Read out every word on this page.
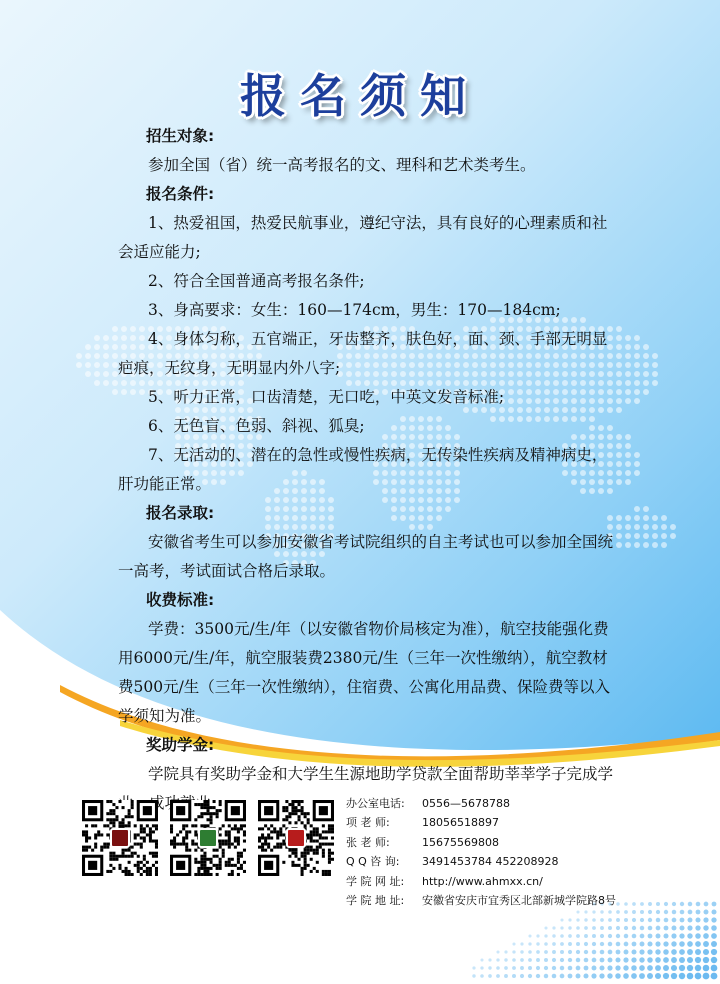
报名须知
招生对象:
参加全国（省）统一高考报名的文、理科和艺术类考生。
报名条件:
1、热爱祖国，热爱民航事业，遵纪守法，具有良好的心理素质和社会适应能力;
2、符合全国普通高考报名条件;
3、身高要求：女生：160—174cm，男生：170—184cm;
4、身体匀称，五官端正，牙齿整齐，肤色好，面、颈、手部无明显疤痕，无纹身，无明显内外八字;
5、听力正常，口齿清楚，无口吃，中英文发音标准;
6、无色盲、色弱、斜视、狐臭;
7、无活动的、潜在的急性或慢性疾病，无传染性疾病及精神病史，肝功能正常。
报名录取:
安徽省考生可以参加安徽省考试院组织的自主考试也可以参加全国统一高考，考试面试合格后录取。
收费标准:
学费：3500元/生/年（以安徽省物价局核定为准），航空技能强化费用6000元/生/年，航空服装费2380元/生（三年一次性缴纳），航空教材费500元/生（三年一次性缴纳），住宿费、公寓化用品费、保险费等以入学须知为准。
奖助学金:
学院具有奖助学金和大学生生源地助学贷款全面帮助莘莘学子完成学 成功	办公室电话: 0556—5678788
项 老 师:	18056518897
张 老 师:	15675569808
Q Q 咨 询: 3491453784 452208928
学 院 网 址: http://www.ahmxx.cn/
学 院 地 址: 安徽省安庆市宜秀区北部新城学院路8号
